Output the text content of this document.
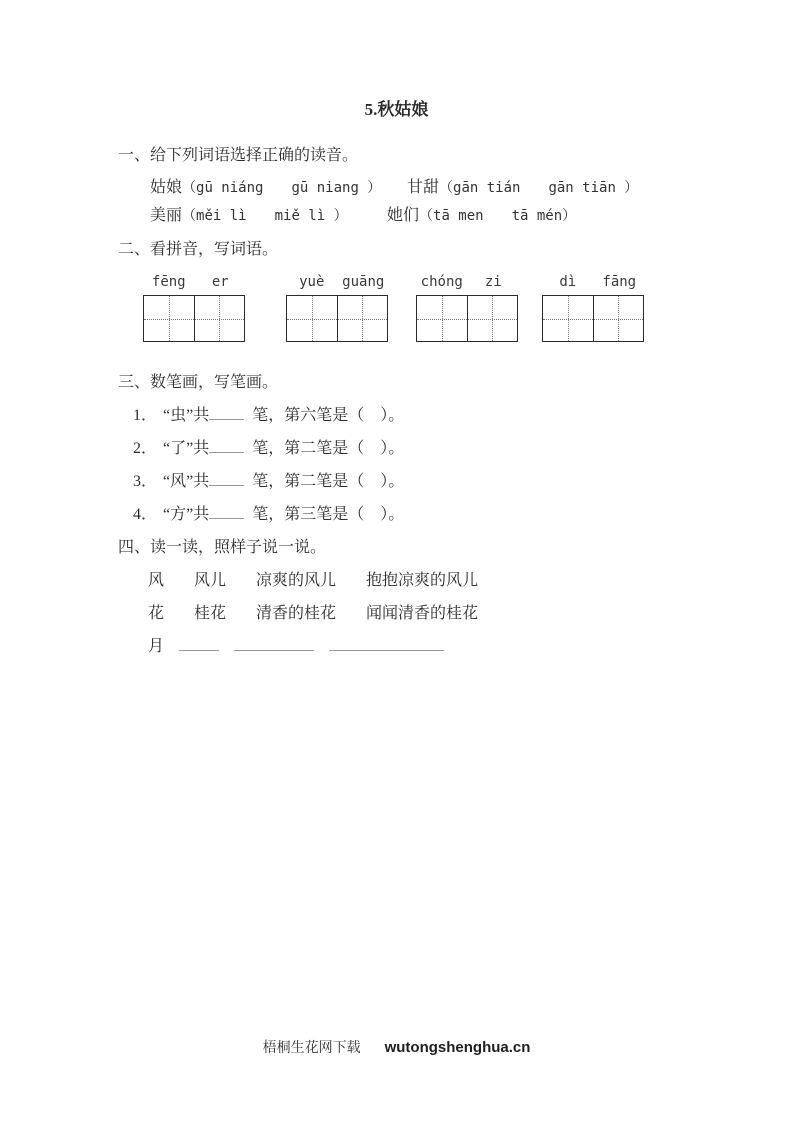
5.秋姑娘
一、给下列词语选择正确的读音。
姑娘（gū niáng　　gū niang ） 甘甜（gān tián　　gān tiān ）
美丽（měi lì　　miě lì ） 她们（tā men　　tā mén）
二、看拼音，写词语。
fēng	er	yuè	guāng	chóng	zi	dì	fāng
三、数笔画，写笔画。
1． “虫”共	笔，第六笔是（　）。
2． “了”共	笔，第二笔是（　）。
3． “风”共	笔，第二笔是（　）。
4． “方”共	笔，第三笔是（　）。
四、读一读，照样子说一说。
风 风儿 凉爽的风儿 抱抱凉爽的风儿
花 桂花 清香的桂花 闻闻清香的桂花
月
梧桐生花网下载 wutongshenghua.cn
